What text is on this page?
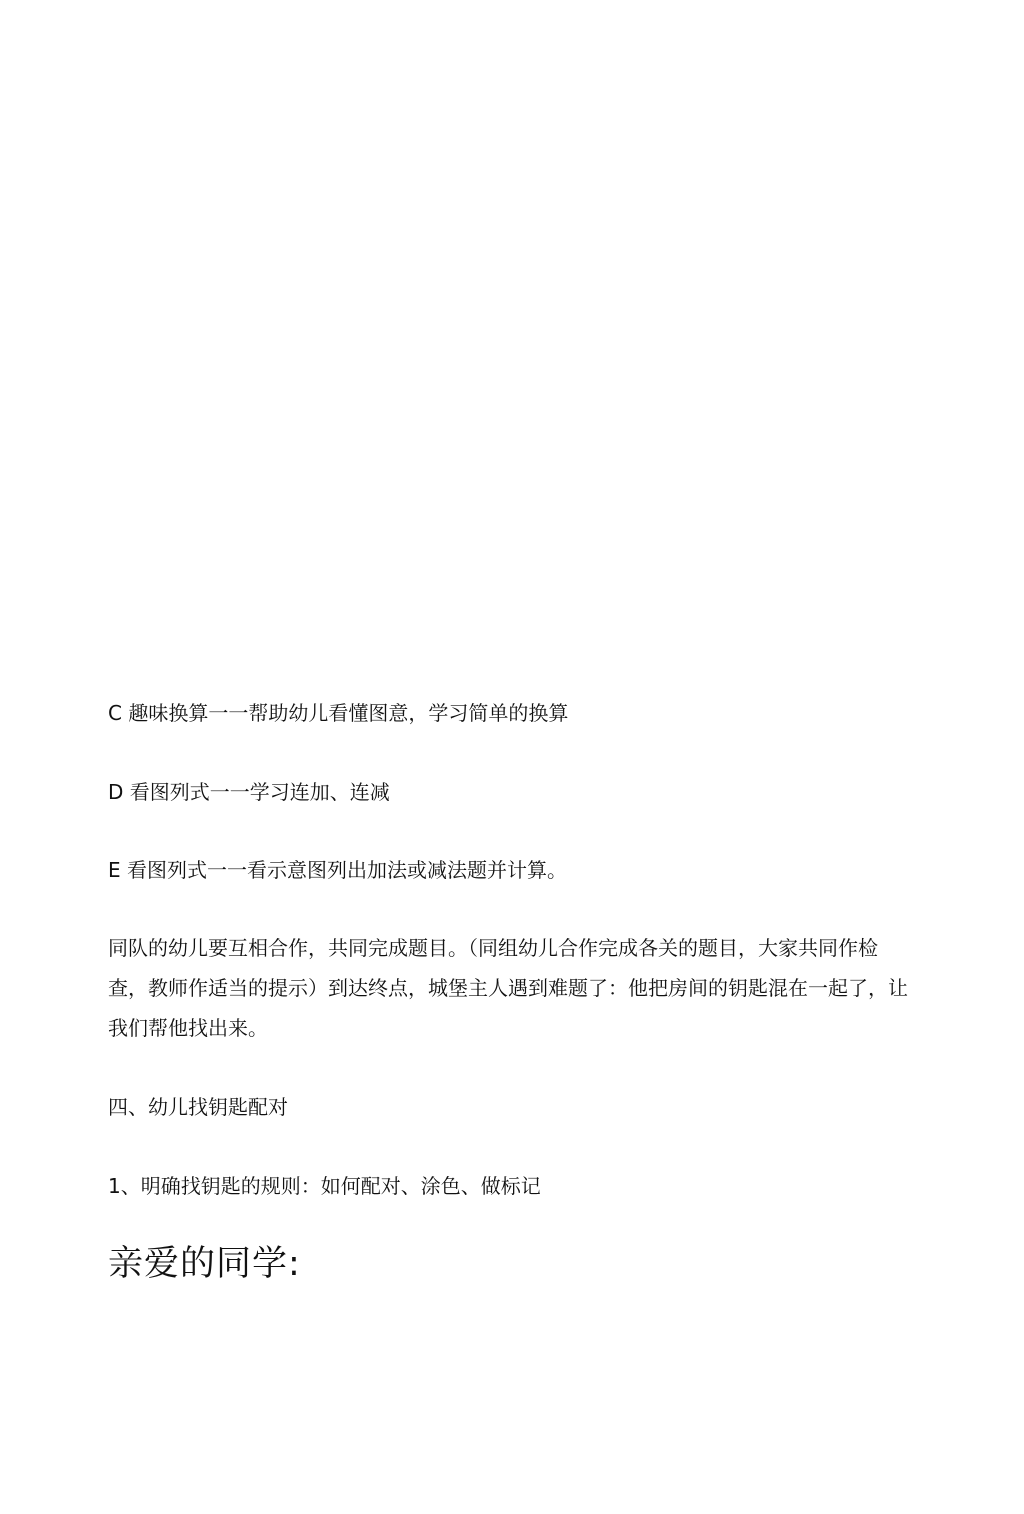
C 趣味换算一一帮助幼儿看懂图意，学习简单的换算

D 看图列式一一学习连加、连减

E 看图列式一一看示意图列出加法或减法题并计算。

同队的幼儿要互相合作，共同完成题目。（同组幼儿合作完成各关的题目，大家共同作检查，教师作适当的提示）到达终点，城堡主人遇到难题了：他把房间的钥匙混在一起了，让我们帮他找出来。

四、幼儿找钥匙配对

1、明确找钥匙的规则：如何配对、涂色、做标记

亲爱的同学:
